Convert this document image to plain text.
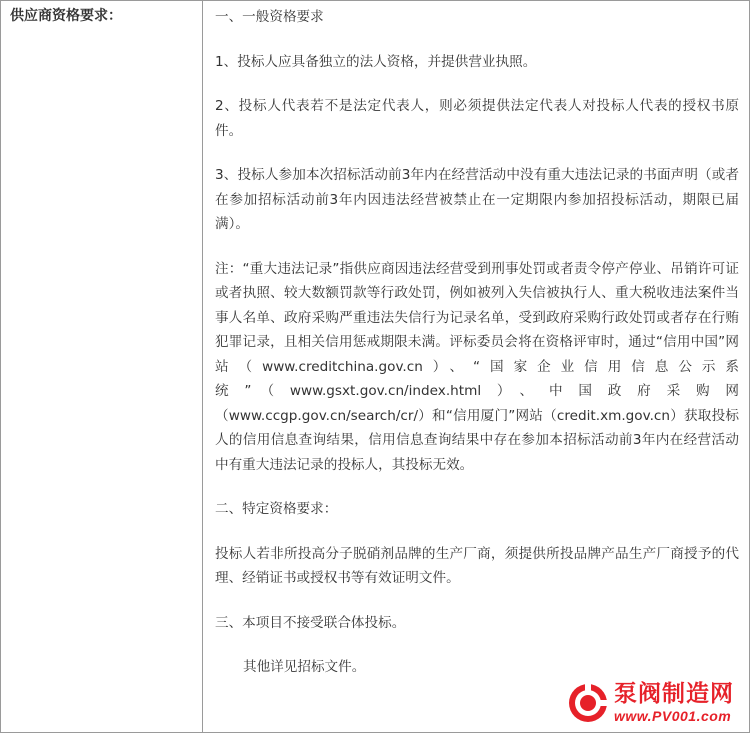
供应商资格要求：	一、一般资格要求

1、投标人应具备独立的法人资格，并提供营业执照。

2、投标人代表若不是法定代表人，则必须提供法定代表人对投标人代表的授权书原件。

3、投标人参加本次招标活动前3年内在经营活动中没有重大违法记录的书面声明（或者在参加招标活动前3年内因违法经营被禁止在一定期限内参加招投标活动，期限已届满）。

注：“重大违法记录”指供应商因违法经营受到刑事处罚或者责令停产停业、吊销许可证或者执照、较大数额罚款等行政处罚，例如被列入失信被执行人、重大税收违法案件当事人名单、政府采购严重违法失信行为记录名单，受到政府采购行政处罚或者存在行贿犯罪记录，且相关信用惩戒期限未满。评标委员会将在资格评审时，通过“信用中国”网站（www.creditchina.gov.cn）、“国家企业信用信息公示系统”（www.gsxt.gov.cn/index.html）、中国政府采购网（www.ccgp.gov.cn/search/cr/）和“信用厦门”网站（credit.xm.gov.cn）获取投标人的信用信息查询结果，信用信息查询结果中存在参加本招标活动前3年内在经营活动中有重大违法记录的投标人，其投标无效。

二、特定资格要求：

投标人若非所投高分子脱硝剂品牌的生产厂商，须提供所投品牌产品生产厂商授予的代理、经销证书或授权书等有效证明文件。

三、本项目不接受联合体投标。

其他详见招标文件。

泵阀制造网
www.PV001.com
